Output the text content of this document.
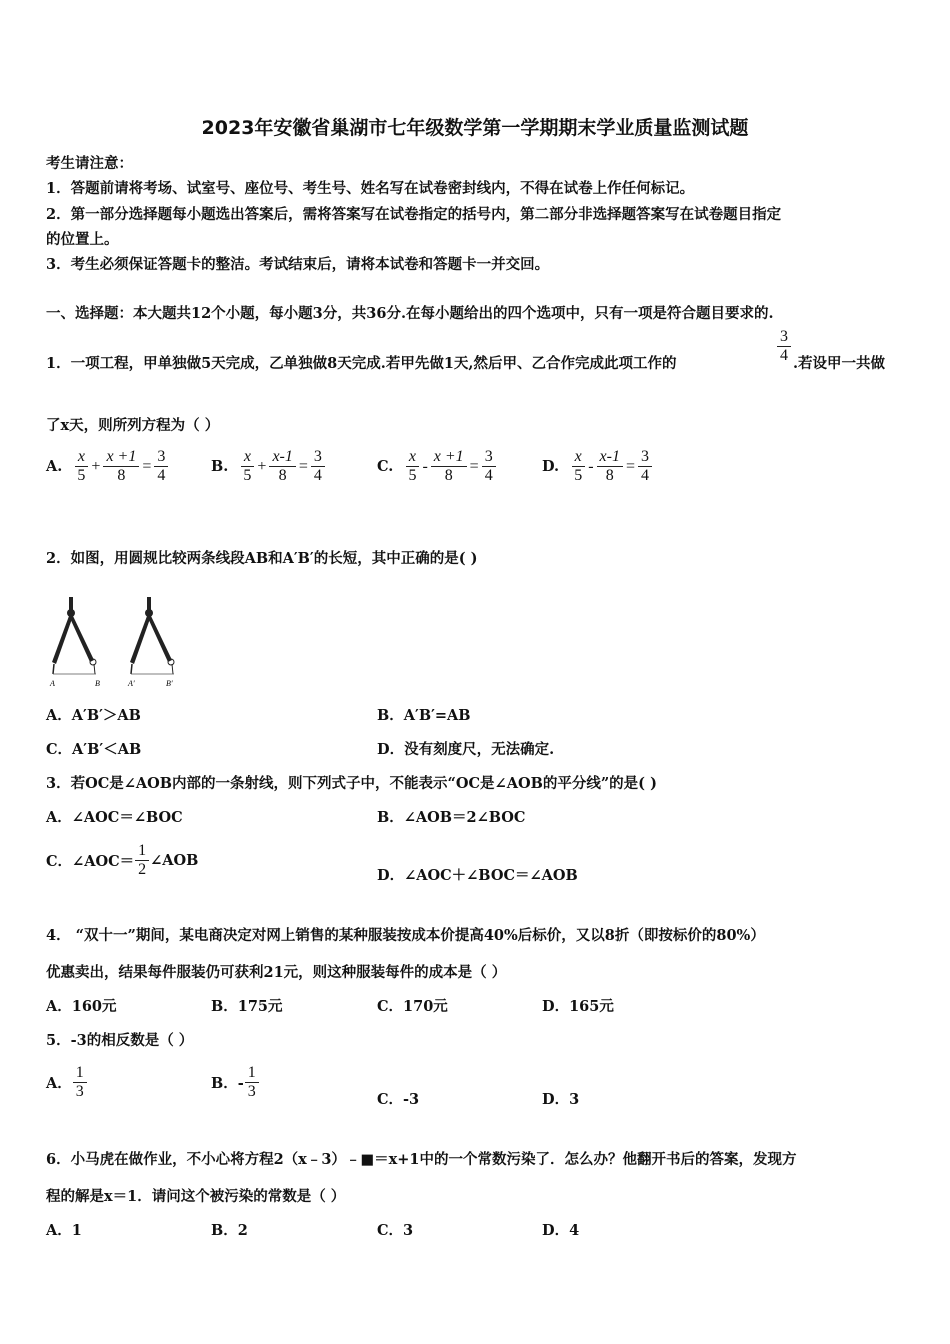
2023年安徽省巢湖市七年级数学第一学期期末学业质量监测试题
考生请注意：
1．答题前请将考场、试室号、座位号、考生号、姓名写在试卷密封线内，不得在试卷上作任何标记。
2．第一部分选择题每小题选出答案后，需将答案写在试卷指定的括号内，第二部分非选择题答案写在试卷题目指定
的位置上。
3．考生必须保证答题卡的整洁。考试结束后，请将本试卷和答题卡一并交回。
一、选择题：本大题共12个小题，每小题3分，共36分.在每小题给出的四个选项中，只有一项是符合题目要求的.
1．一项工程，甲单独做5天完成，乙单独做8天完成.若甲先做1天,然后甲、乙合作完成此项工作的	$\frac{3}{4}$ .若设甲一共做
了x天，则所列方程为（ ）
A. $\frac{x}{5} + \frac{x +1}{8} = \frac{3}{4}$	B. $\frac{x}{5} + \frac{x-1}{8} = \frac{3}{4}$	C. $\frac{x}{5} - \frac{x +1}{8} = \frac{3}{4}$	D. $\frac{x}{5} - \frac{x-1}{8} = \frac{3}{4}$
2．如图，用圆规比较两条线段AB和A′B′的长短，其中正确的是( )
A	B	A′	B′
A．A′B′＞AB	B．A′B′=AB
C．A′B′＜AB	D．没有刻度尺，无法确定.
3．若OC是∠AOB内部的一条射线，则下列式子中，不能表示“OC是∠AOB的平分线”的是( )
A．∠AOC＝∠BOC	B．∠AOB＝2∠BOC
C．∠AOC＝ $\frac{1}{2}$ ∠AOB
D．∠AOC＋∠BOC＝∠AOB
4． “双十一”期间，某电商决定对网上销售的某种服装按成本价提高40%后标价，又以8折（即按标价的80%）
优惠卖出，结果每件服装仍可获利21元，则这种服装每件的成本是（ ）
A．160元	B．175元	C．170元	D．165元
5．-3的相反数是（ ）
A． $\frac{1}{3}$	B．- $\frac{1}{3}$	C．-3	D．3
6．小马虎在做作业，不小心将方程2（x﹣3）﹣■＝x+1中的一个常数污染了．怎么办？他翻开书后的答案，发现方
程的解是x＝1．请问这个被污染的常数是（ ）
A．1	B．2	C．3	D．4
